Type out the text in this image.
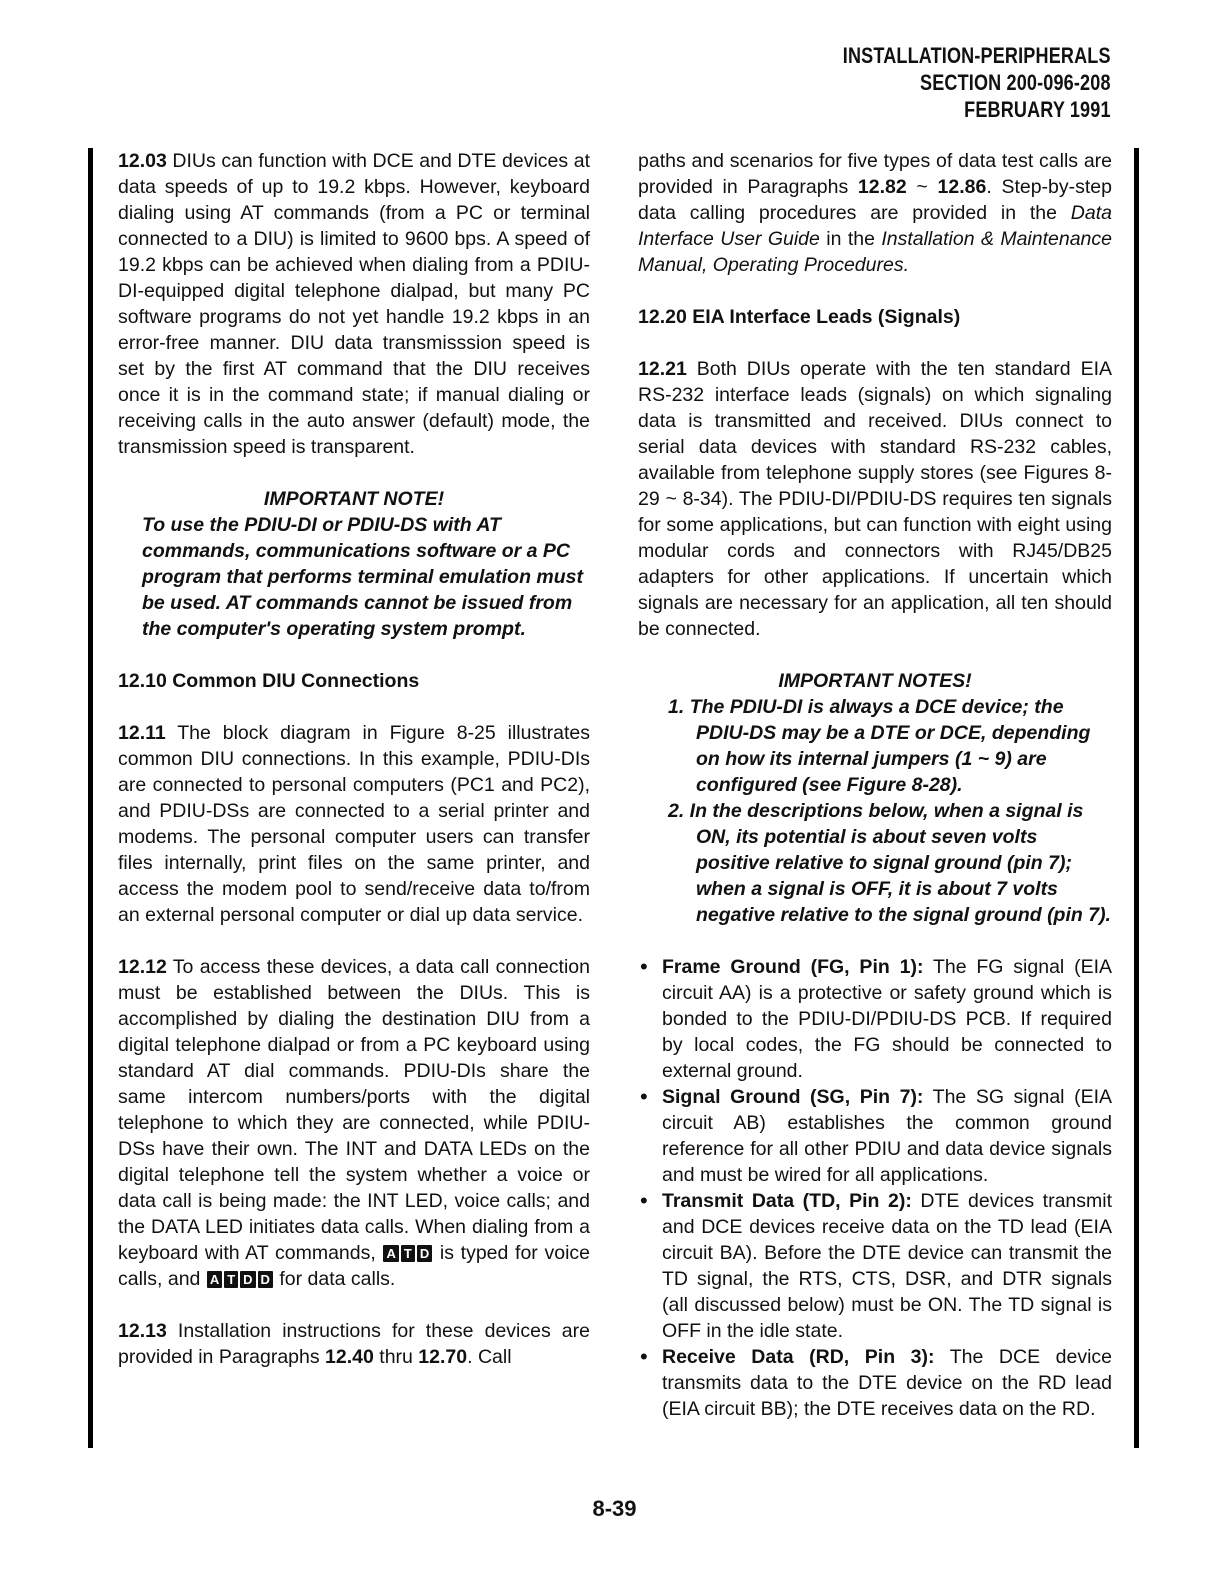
INSTALLATION-PERIPHERALS
SECTION 200-096-208
FEBRUARY 1991

12.03 DIUs can function with DCE and DTE devices at data speeds of up to 19.2 kbps. However, keyboard dialing using AT commands (from a PC or terminal connected to a DIU) is limited to 9600 bps. A speed of 19.2 kbps can be achieved when dialing from a PDIU-DI-equipped digital telephone dialpad, but many PC software programs do not yet handle 19.2 kbps in an error-free manner. DIU data transmisssion speed is set by the first AT command that the DIU receives once it is in the command state; if manual dialing or receiving calls in the auto answer (default) mode, the transmission speed is transparent.

IMPORTANT NOTE!
To use the PDIU-DI or PDIU-DS with AT commands, communications software or a PC program that performs terminal emulation must be used. AT commands cannot be issued from the computer's operating system prompt.
12.10 Common DIU Connections

12.11 The block diagram in Figure 8-25 illustrates common DIU connections. In this example, PDIU-DIs are connected to personal computers (PC1 and PC2), and PDIU-DSs are connected to a serial printer and modems. The personal computer users can transfer files internally, print files on the same printer, and access the modem pool to send/receive data to/from an external personal computer or dial up data service.

12.12 To access these devices, a data call connection must be established between the DIUs. This is accomplished by dialing the destination DIU from a digital telephone dialpad or from a PC keyboard using standard AT dial commands. PDIU-DIs share the same intercom numbers/ports with the digital telephone to which they are connected, while PDIU-DSs have their own. The INT and DATA LEDs on the digital telephone tell the system whether a voice or data call is being made: the INT LED, voice calls; and the DATA LED initiates data calls. When dialing from a keyboard with AT commands, A T D is typed for voice calls, and A T D D for data calls.

12.13 Installation instructions for these devices are provided in Paragraphs 12.40 thru 12.70. Call

paths and scenarios for five types of data test calls are provided in Paragraphs 12.82 ~ 12.86. Step-by-step data calling procedures are provided in the Data Interface User Guide in the Installation & Maintenance Manual, Operating Procedures.

12.20 EIA Interface Leads (Signals)

12.21 Both DIUs operate with the ten standard EIA RS-232 interface leads (signals) on which signaling data is transmitted and received. DIUs connect to serial data devices with standard RS-232 cables, available from telephone supply stores (see Figures 8-29 ~ 8-34). The PDIU-DI/PDIU-DS requires ten signals for some applications, but can function with eight using modular cords and connectors with RJ45/DB25 adapters for other applications. If uncertain which signals are necessary for an application, all ten should be connected.

IMPORTANT NOTES!
1. The PDIU-DI is always a DCE device; the PDIU-DS may be a DTE or DCE, depending on how its internal jumpers (1 ~ 9) are configured (see Figure 8-28).
2. In the descriptions below, when a signal is ON, its potential is about seven volts positive relative to signal ground (pin 7); when a signal is OFF, it is about 7 volts negative relative to the signal ground (pin 7).
• Frame Ground (FG, Pin 1): The FG signal (EIA circuit AA) is a protective or safety ground which is bonded to the PDIU-DI/PDIU-DS PCB. If required by local codes, the FG should be connected to external ground.
• Signal Ground (SG, Pin 7): The SG signal (EIA circuit AB) establishes the common ground reference for all other PDIU and data device signals and must be wired for all applications.
• Transmit Data (TD, Pin 2): DTE devices transmit and DCE devices receive data on the TD lead (EIA circuit BA). Before the DTE device can transmit the TD signal, the RTS, CTS, DSR, and DTR signals (all discussed below) must be ON. The TD signal is OFF in the idle state.
• Receive Data (RD, Pin 3): The DCE device transmits data to the DTE device on the RD lead (EIA circuit BB); the DTE receives data on the RD.
8-39
